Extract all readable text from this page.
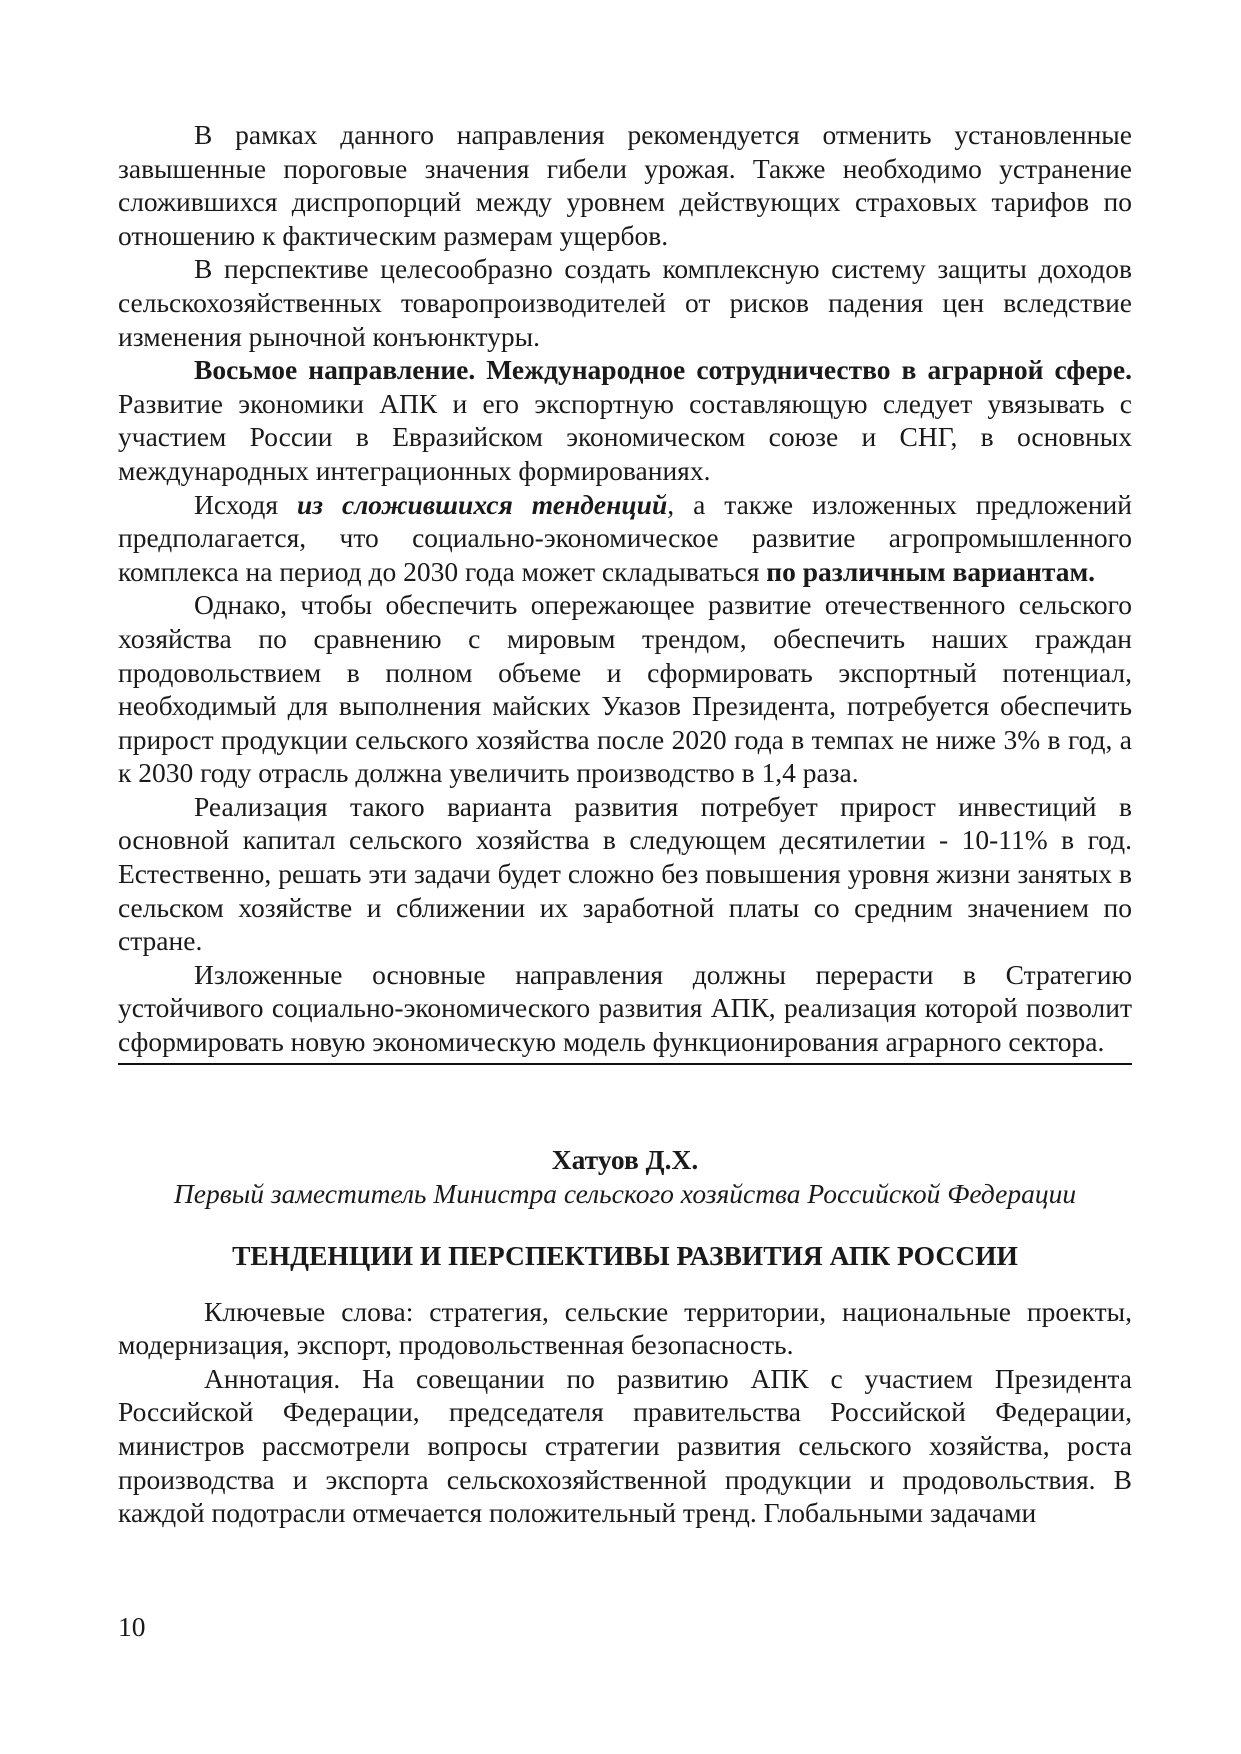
В рамках данного направления рекомендуется отменить установленные завышенные пороговые значения гибели урожая. Также необходимо устранение сложившихся диспропорций между уровнем действующих страховых тарифов по отношению к фактическим размерам ущербов.

В перспективе целесообразно создать комплексную систему защиты доходов сельскохозяйственных товаропроизводителей от рисков падения цен вследствие изменения рыночной конъюнктуры.

Восьмое направление. Международное сотрудничество в аграрной сфере. Развитие экономики АПК и его экспортную составляющую следует увязывать с участием России в Евразийском экономическом союзе и СНГ, в основных международных интеграционных формированиях.

Исходя из сложившихся тенденций, а также изложенных предложений предполагается, что социально-экономическое развитие агропромышленного комплекса на период до 2030 года может складываться по различным вариантам.

Однако, чтобы обеспечить опережающее развитие отечественного сельского хозяйства по сравнению с мировым трендом, обеспечить наших граждан продовольствием в полном объеме и сформировать экспортный потенциал, необходимый для выполнения майских Указов Президента, потребуется обеспечить прирост продукции сельского хозяйства после 2020 года в темпах не ниже 3% в год, а к 2030 году отрасль должна увеличить производство в 1,4 раза.

Реализация такого варианта развития потребует прирост инвестиций в основной капитал сельского хозяйства в следующем десятилетии - 10-11% в год. Естественно, решать эти задачи будет сложно без повышения уровня жизни занятых в сельском хозяйстве и сближении их заработной платы со средним значением по стране.

Изложенные основные направления должны перерасти в Стратегию устойчивого социально-экономического развития АПК, реализация которой позволит сформировать новую экономическую модель функционирования аграрного сектора.

Хатуов Д.Х.
Первый заместитель Министра сельского хозяйства Российской Федерации
ТЕНДЕНЦИИ И ПЕРСПЕКТИВЫ РАЗВИТИЯ АПК РОССИИ

Ключевые слова: стратегия, сельские территории, национальные проекты, модернизация, экспорт, продовольственная безопасность.

Аннотация. На совещании по развитию АПК с участием Президента Российской Федерации, председателя правительства Российской Федерации, министров рассмотрели вопросы стратегии развития сельского хозяйства, роста производства и экспорта сельскохозяйственной продукции и продовольствия. В каждой подотрасли отмечается положительный тренд. Глобальными задачами

10
